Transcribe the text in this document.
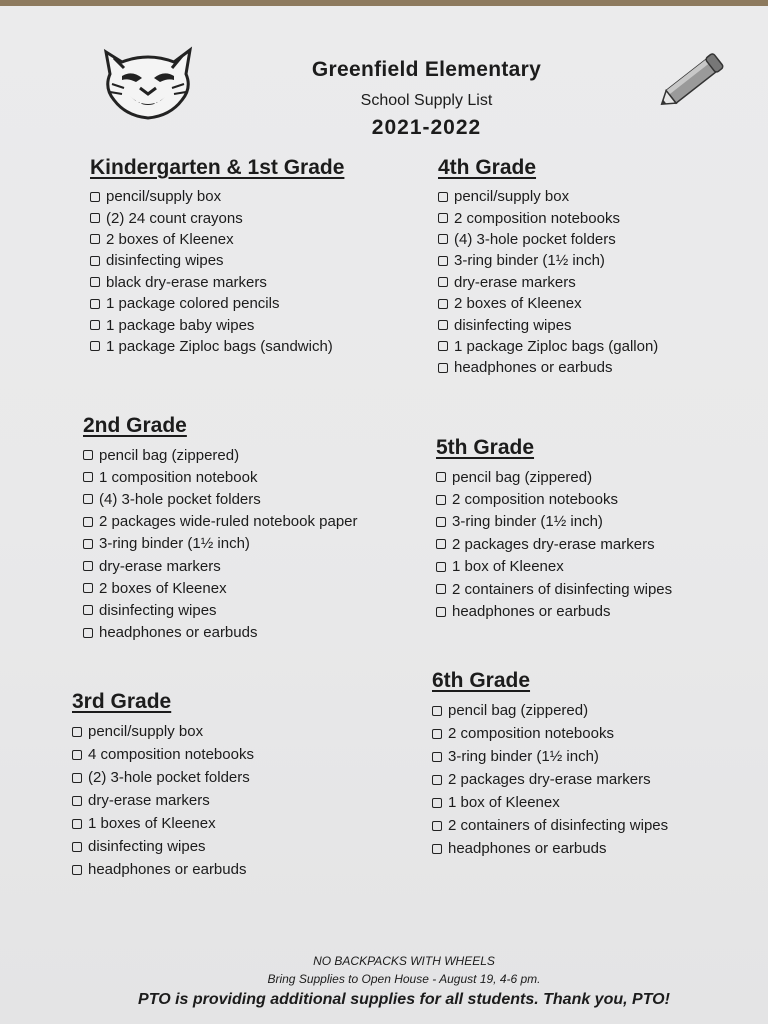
Greenfield Elementary
School Supply List
2021-2022
Kindergarten & 1st Grade
pencil/supply box
(2) 24 count crayons
2 boxes of Kleenex
disinfecting wipes
black dry-erase markers
1 package colored pencils
1 package baby wipes
1 package Ziploc bags (sandwich)
4th Grade
pencil/supply box
2 composition notebooks
(4) 3-hole pocket folders
3-ring binder (1½ inch)
dry-erase markers
2 boxes of Kleenex
disinfecting wipes
1 package Ziploc bags (gallon)
headphones or earbuds
2nd Grade
pencil bag (zippered)
1 composition notebook
(4) 3-hole pocket folders
2 packages wide-ruled notebook paper
3-ring binder (1½ inch)
dry-erase markers
2 boxes of Kleenex
disinfecting wipes
headphones or earbuds
5th Grade
pencil bag (zippered)
2 composition notebooks
3-ring binder (1½ inch)
2 packages dry-erase markers
1 box of Kleenex
2 containers of disinfecting wipes
headphones or earbuds
3rd Grade
pencil/supply box
4 composition notebooks
(2) 3-hole pocket folders
dry-erase markers
1 boxes of Kleenex
disinfecting wipes
headphones or earbuds
6th Grade
pencil bag (zippered)
2 composition notebooks
3-ring binder (1½ inch)
2 packages dry-erase markers
1 box of Kleenex
2 containers of disinfecting wipes
headphones or earbuds
NO BACKPACKS WITH WHEELS
Bring Supplies to Open House - August 19, 4-6 pm.
PTO is providing additional supplies for all students. Thank you, PTO!
